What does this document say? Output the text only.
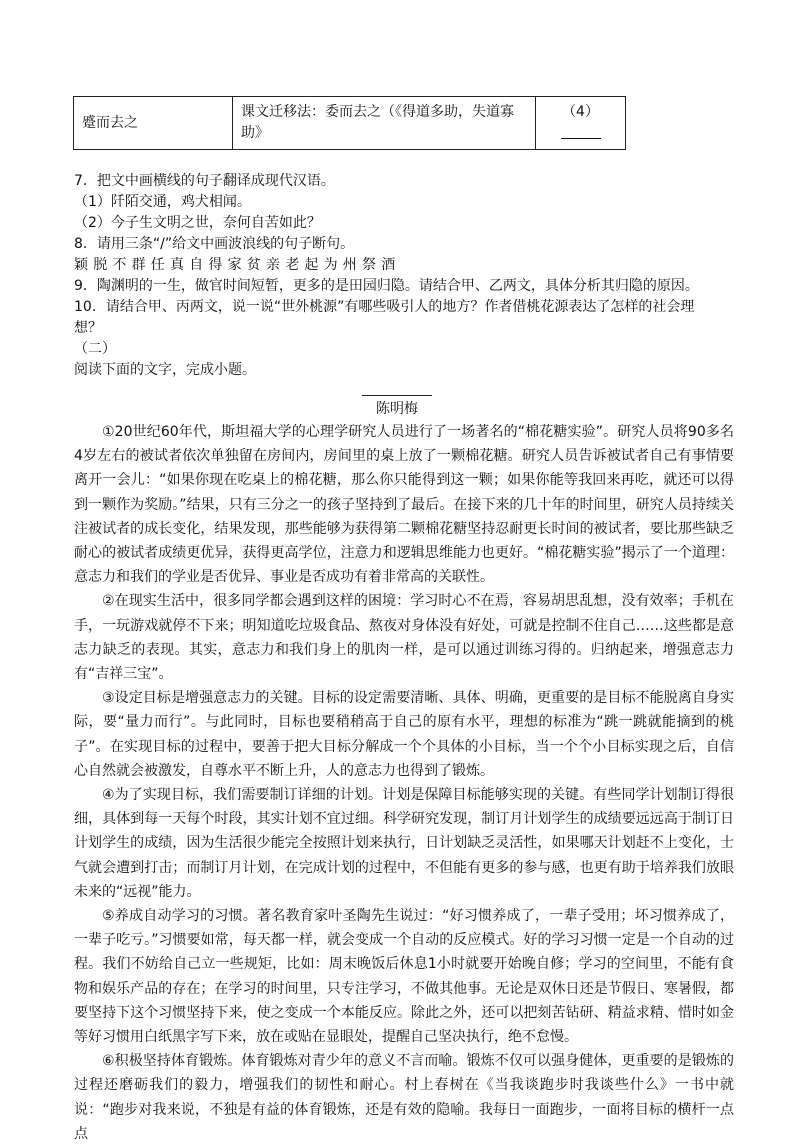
蹙而去之	课文迁移法：委而去之（《得道多助，失道寡助》	（4）
7．把文中画横线的句子翻译成现代汉语。
（1）阡陌交通，鸡犬相闻。
（2）今子生文明之世，奈何自苦如此？
8．请用三条“/”给文中画波浪线的句子断句。
颖脱不群任真自得家贫亲老起为州祭酒
9．陶渊明的一生，做官时间短暂，更多的是田园归隐。请结合甲、乙两文，具体分析其归隐的原因。
10．请结合甲、丙两文，说一说“世外桃源”有哪些吸引人的地方？作者借桃花源表达了怎样的社会理
想？
（二）
阅读下面的文字，完成小题。
陈明梅

①20世纪60年代，斯坦福大学的心理学研究人员进行了一场著名的“棉花糖实验”。研究人员将90多名4岁左右的被试者依次单独留在房间内，房间里的桌上放了一颗棉花糖。研究人员告诉被试者自己有事情要离开一会儿：“如果你现在吃桌上的棉花糖，那么你只能得到这一颗；如果你能等我回来再吃，就还可以得到一颗作为奖励。”结果，只有三分之一的孩子坚持到了最后。在接下来的几十年的时间里，研究人员持续关注被试者的成长变化，结果发现，那些能够为获得第二颗棉花糖坚持忍耐更长时间的被试者，要比那些缺乏耐心的被试者成绩更优异，获得更高学位，注意力和逻辑思维能力也更好。“棉花糖实验”揭示了一个道理：意志力和我们的学业是否优异、事业是否成功有着非常高的关联性。

②在现实生活中，很多同学都会遇到这样的困境：学习时心不在焉，容易胡思乱想，没有效率；手机在手，一玩游戏就停不下来；明知道吃垃圾食品、熬夜对身体没有好处，可就是控制不住自己……这些都是意志力缺乏的表现。其实，意志力和我们身上的肌肉一样，是可以通过训练习得的。归纳起来，增强意志力有“吉祥三宝”。

③设定目标是增强意志力的关键。目标的设定需要清晰、具体、明确，更重要的是目标不能脱离自身实际，要“量力而行”。与此同时，目标也要稍稍高于自己的原有水平，理想的标准为“跳一跳就能摘到的桃子”。在实现目标的过程中，要善于把大目标分解成一个个具体的小目标，当一个个小目标实现之后，自信心自然就会被激发，自尊水平不断上升，人的意志力也得到了锻炼。

④为了实现目标，我们需要制订详细的计划。计划是保障目标能够实现的关键。有些同学计划制订得很细，具体到每一天每个时段，其实计划不宜过细。科学研究发现，制订月计划学生的成绩要远远高于制订日计划学生的成绩，因为生活很少能完全按照计划来执行，日计划缺乏灵活性，如果哪天计划赶不上变化，士气就会遭到打击；而制订月计划，在完成计划的过程中，不但能有更多的参与感，也更有助于培养我们放眼未来的“远视”能力。

⑤养成自动学习的习惯。著名教育家叶圣陶先生说过：“好习惯养成了，一辈子受用；坏习惯养成了，一辈子吃亏。”习惯要如常，每天都一样，就会变成一个自动的反应模式。好的学习习惯一定是一个自动的过程。我们不妨给自己立一些规矩，比如：周末晚饭后休息1小时就要开始晚自修；学习的空间里，不能有食物和娱乐产品的存在；在学习的时间里，只专注学习，不做其他事。无论是双休日还是节假日、寒暑假，都要坚持下这个习惯坚持下来，使之变成一个本能反应。除此之外，还可以把刻苦钻研、精益求精、惜时如金等好习惯用白纸黑字写下来，放在或贴在显眼处，提醒自己坚决执行，绝不怠慢。

⑥积极坚持体育锻炼。体育锻炼对青少年的意义不言而喻。锻炼不仅可以强身健体，更重要的是锻炼的过程还磨砺我们的毅力，增强我们的韧性和耐心。村上春树在《当我谈跑步时我谈些什么》一书中就说：“跑步对我来说，不独是有益的体育锻炼，还是有效的隐喻。我每日一面跑步，一面将目标的横杆一点点
